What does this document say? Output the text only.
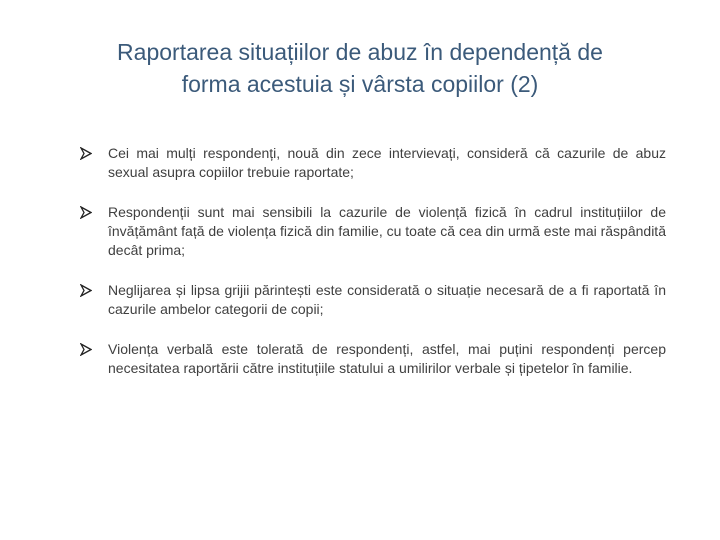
Raportarea situațiilor de abuz în dependență de
forma acestuia și vârsta copiilor (2)
Cei mai mulți respondenți, nouă din zece intervievați, consideră că cazurile de abuz sexual asupra copiilor trebuie raportate;
Respondenții sunt mai sensibili la cazurile de violență fizică în cadrul instituțiilor de învățământ față de violența fizică din familie, cu toate că cea din urmă este mai răspândită decât prima;
Neglijarea și lipsa grijii părintești este considerată o situație necesară de a fi raportată în cazurile ambelor categorii de copii;
Violența verbală este tolerată de respondenți, astfel, mai puțini respondenți percep necesitatea raportării către instituțiile statului a umilirilor verbale și țipetelor în familie.
